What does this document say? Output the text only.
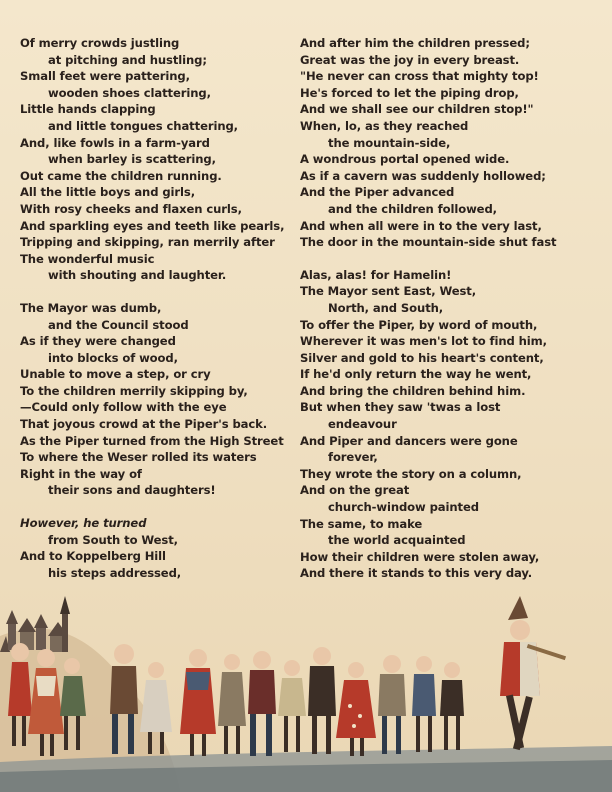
Of merry crowds justling
at pitching and hustling;
Small feet were pattering,
wooden shoes clattering,
Little hands clapping
and little tongues chattering,
And, like fowls in a farm-yard
when barley is scattering,
Out came the children running.
All the little boys and girls,
With rosy cheeks and flaxen curls,
And sparkling eyes and teeth like pearls,
Tripping and skipping, ran merrily after
The wonderful music
with shouting and laughter.
The Mayor was dumb,
and the Council stood
As if they were changed
into blocks of wood,
Unable to move a step, or cry
To the children merrily skipping by,
—Could only follow with the eye
That joyous crowd at the Piper's back.
As the Piper turned from the High Street
To where the Weser rolled its waters
Right in the way of
their sons and daughters!
However, he turned
from South to West,
And to Koppelberg Hill
his steps addressed,
And after him the children pressed;
Great was the joy in every breast.
"He never can cross that mighty top!
He's forced to let the piping drop,
And we shall see our children stop!"
When, lo, as they reached
the mountain-side,
A wondrous portal opened wide.
As if a cavern was suddenly hollowed;
And the Piper advanced
and the children followed,
And when all were in to the very last,
The door in the mountain-side shut fast
Alas, alas! for Hamelin!
The Mayor sent East, West,
North, and South,
To offer the Piper, by word of mouth,
Wherever it was men's lot to find him,
Silver and gold to his heart's content,
If he'd only return the way he went,
And bring the children behind him.
But when they saw 'twas a lost
endeavour
And Piper and dancers were gone
forever,
They wrote the story on a column,
And on the great
church-window painted
The same, to make
the world acquainted
How their children were stolen away,
And there it stands to this very day.
